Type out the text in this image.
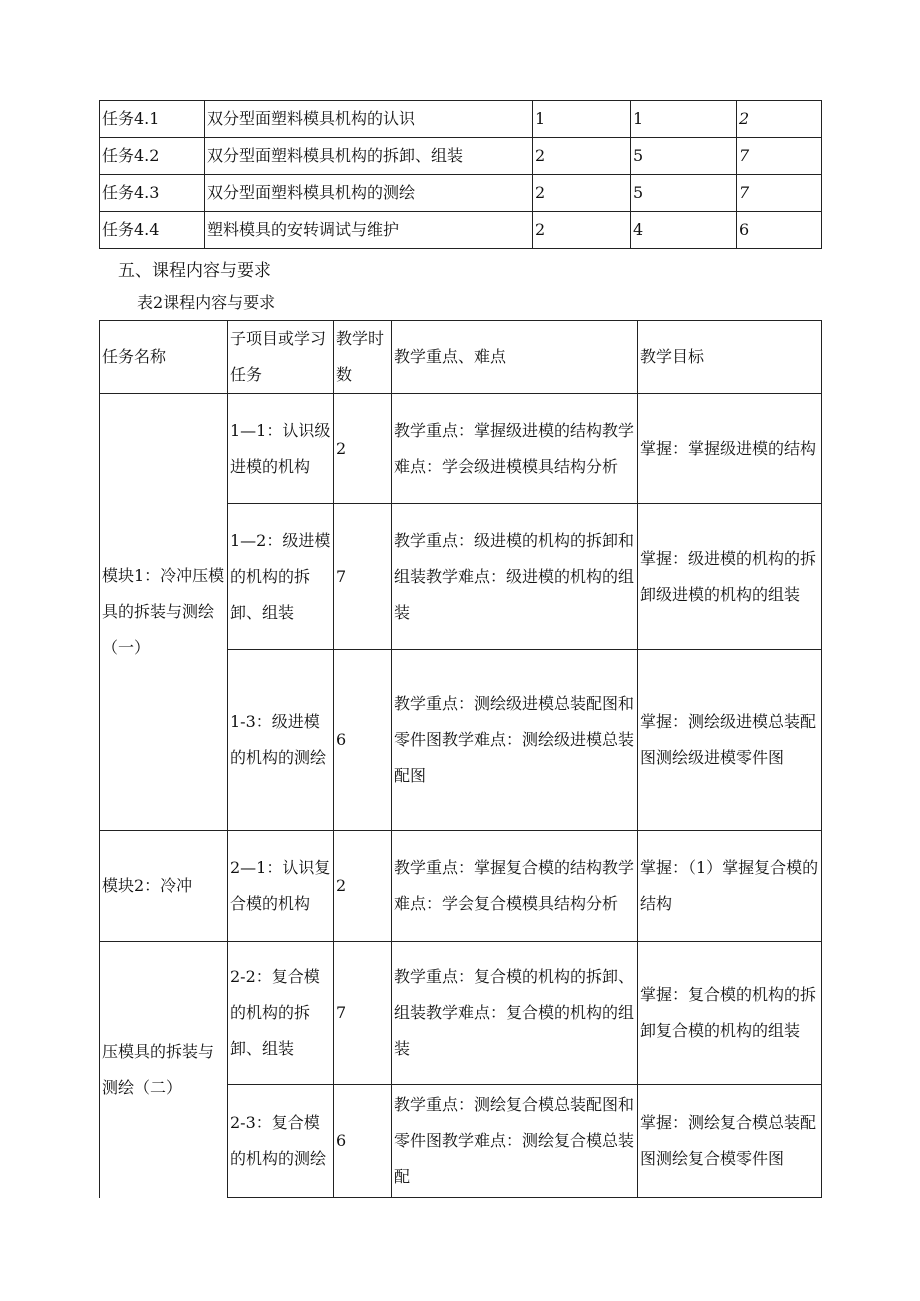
任务4.1	双分型面塑料模具机构的认识	1	1	2
任务4.2	双分型面塑料模具机构的拆卸、组装	2	5	7
任务4.3	双分型面塑料模具机构的测绘	2	5	7
任务4.4	塑料模具的安转调试与维护	2	4	6
五、课程内容与要求
表2课程内容与要求
任务名称	子项目或学习任务	教学时数	教学重点、难点	教学目标
模块1：冷冲压模具的拆装与测绘（一）	1—1：认识级进模的机构	2	教学重点：掌握级进模的结构教学难点：学会级进模模具结构分析	掌握：掌握级进模的结构
	1—2：级进模的机构的拆卸、组装	7	教学重点：级进模的机构的拆卸和组装教学难点：级进模的机构的组装	掌握：级进模的机构的拆卸级进模的机构的组装
	1-3：级进模的机构的测绘	6	教学重点：测绘级进模总装配图和零件图教学难点：测绘级进模总装配图	掌握：测绘级进模总装配图测绘级进模零件图
模块2：冷冲	2—1：认识复合模的机构	2	教学重点：掌握复合模的结构教学难点：学会复合模模具结构分析	掌握：（1）掌握复合模的结构
压模具的拆装与测绘（二）	2-2：复合模的机构的拆卸、组装	7	教学重点：复合模的机构的拆卸、组装教学难点：复合模的机构的组装	掌握：复合模的机构的拆卸复合模的机构的组装
	2-3：复合模的机构的测绘	6	教学重点：测绘复合模总装配图和零件图教学难点：测绘复合模总装配	掌握：测绘复合模总装配图测绘复合模零件图
